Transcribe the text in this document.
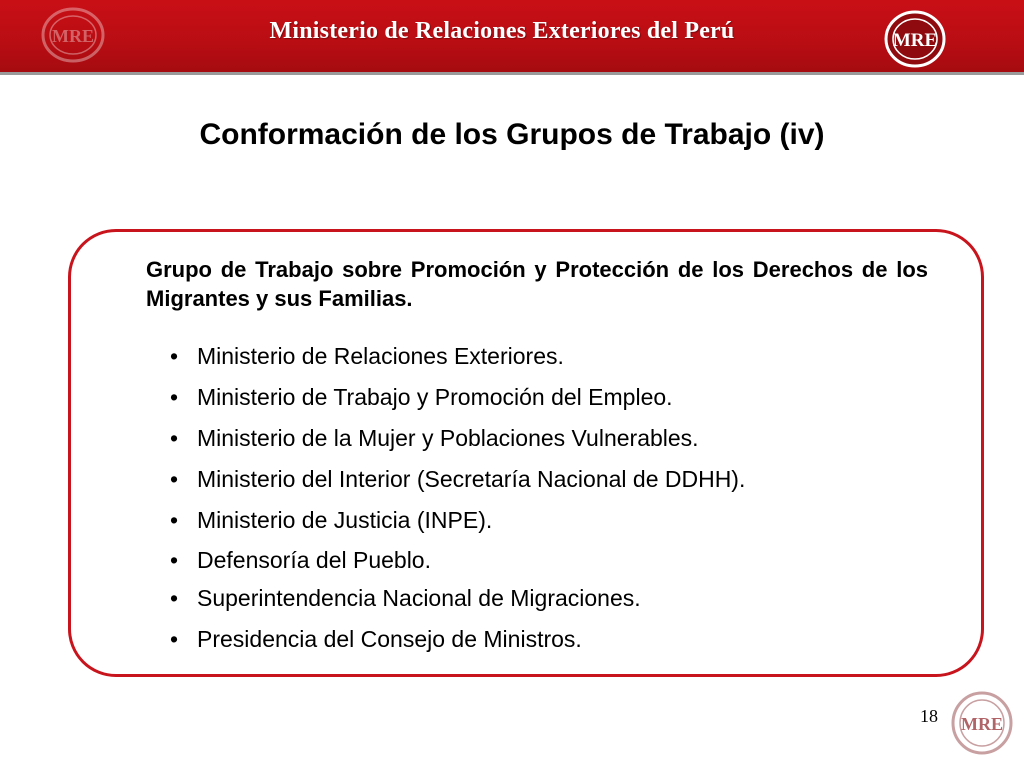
MRE	Ministerio de Relaciones Exteriores del Perú	MRE
Conformación de los Grupos de Trabajo (iv)
Grupo de Trabajo sobre Promoción y Protección de los Derechos de los Migrantes y sus Familias.
• Ministerio de Relaciones Exteriores.
• Ministerio de Trabajo y Promoción del Empleo.
• Ministerio de la Mujer y Poblaciones Vulnerables.
• Ministerio del Interior (Secretaría Nacional de DDHH).
• Ministerio de Justicia (INPE).
• Defensoría del Pueblo.
• Superintendencia Nacional de Migraciones.
• Presidencia del Consejo de Ministros.
18 MRE
